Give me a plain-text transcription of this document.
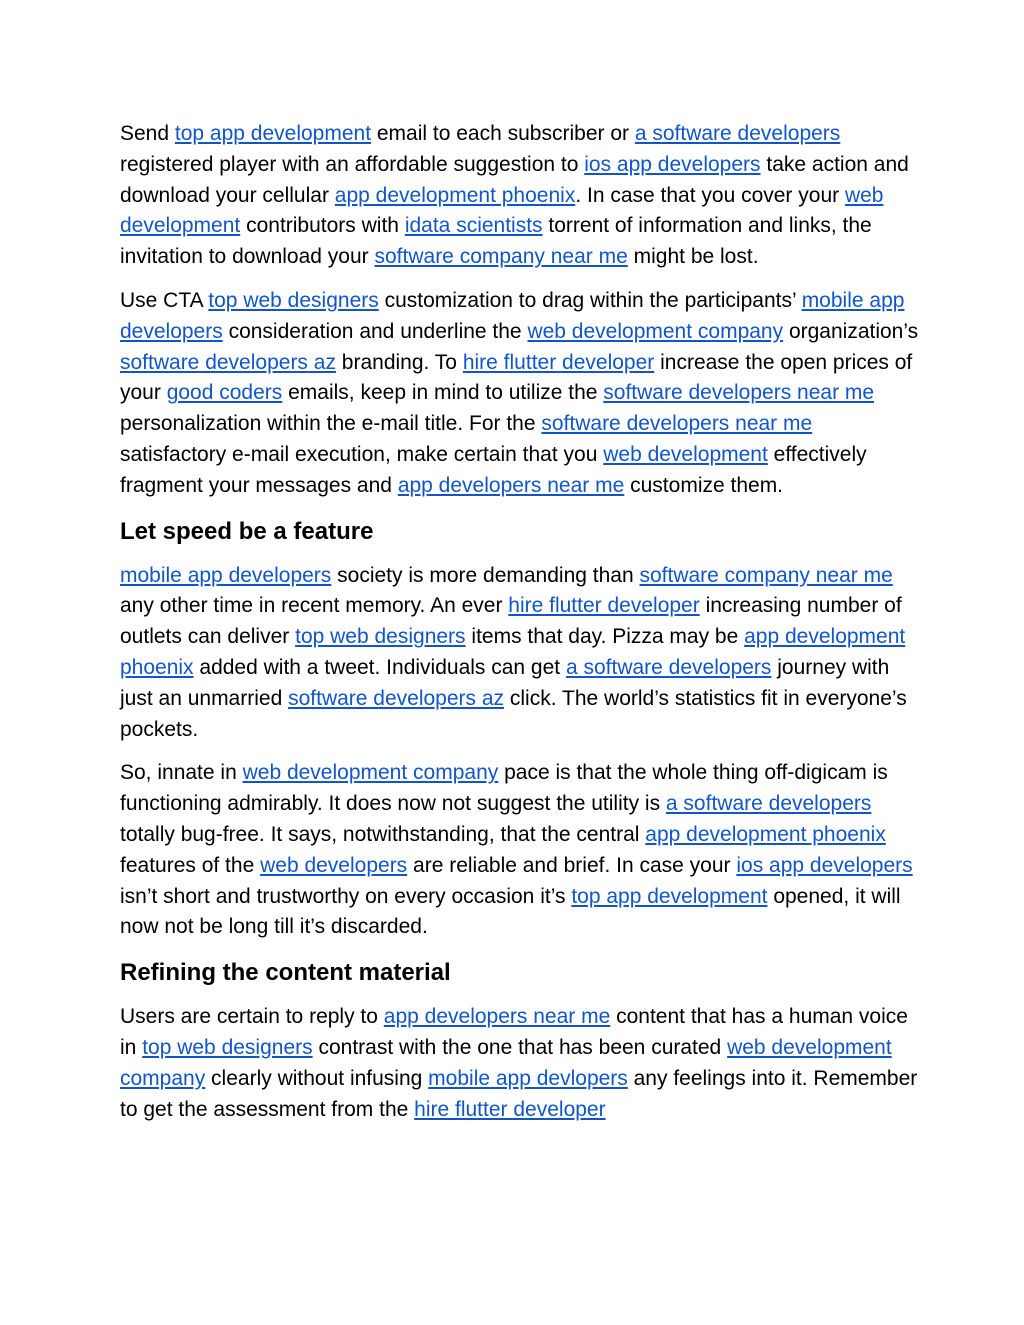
Send top app development email to each subscriber or a software developers registered player with an affordable suggestion to ios app developers take action and download your cellular app development phoenix. In case that you cover your web development contributors with idata scientists torrent of information and links, the invitation to download your software company near me might be lost.

Use CTA top web designers customization to drag within the participants’ mobile app developers consideration and underline the web development company organization’s software developers az branding. To hire flutter developer increase the open prices of your good coders emails, keep in mind to utilize the software developers near me personalization within the e-mail title. For the software developers near me satisfactory e-mail execution, make certain that you web development effectively fragment your messages and app developers near me customize them.

Let speed be a feature

mobile app developers society is more demanding than software company near me any other time in recent memory. An ever hire flutter developer increasing number of outlets can deliver top web designers items that day. Pizza may be app development phoenix added with a tweet. Individuals can get a software developers journey with just an unmarried software developers az click. The world’s statistics fit in everyone’s pockets.

So, innate in web development company pace is that the whole thing off-digicam is functioning admirably. It does now not suggest the utility is a software developers totally bug-free. It says, notwithstanding, that the central app development phoenix features of the web developers are reliable and brief. In case your ios app developers isn’t short and trustworthy on every occasion it’s top app development opened, it will now not be long till it’s discarded.

Refining the content material

Users are certain to reply to app developers near me content that has a human voice in top web designers contrast with the one that has been curated web development company clearly without infusing mobile app devlopers any feelings into it. Remember to get the assessment from the hire flutter developer
